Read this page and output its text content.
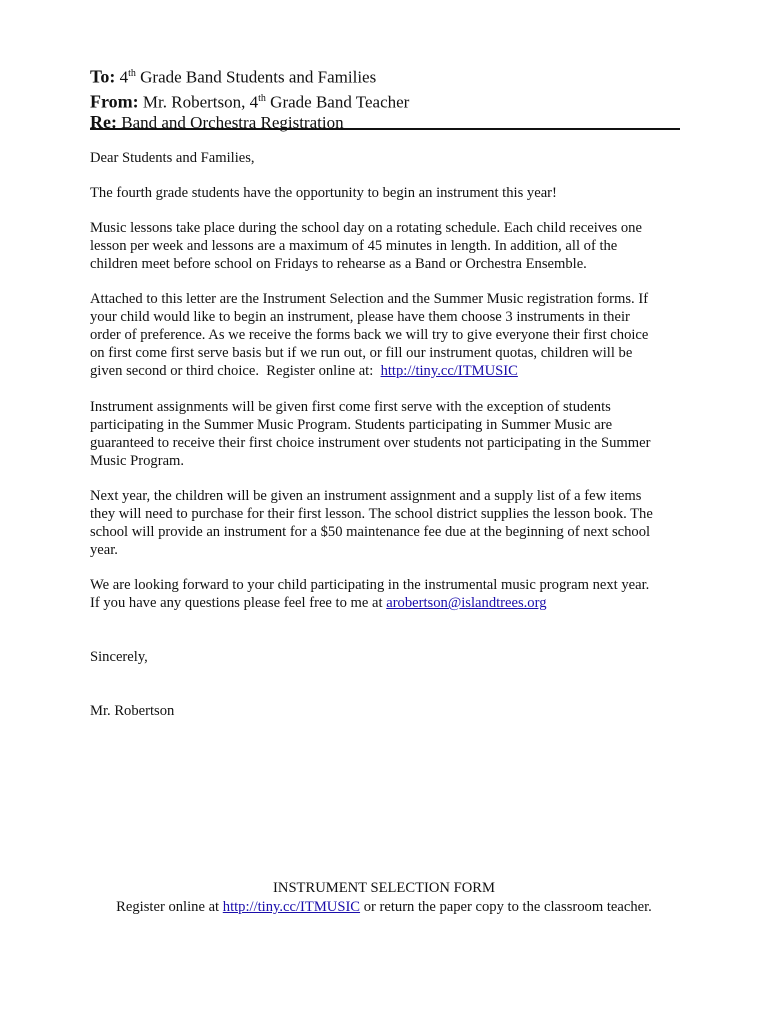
To: 4th Grade Band Students and Families
From: Mr. Robertson, 4th Grade Band Teacher
Re: Band and Orchestra Registration
Dear Students and Families,

The fourth grade students have the opportunity to begin an instrument this year!

Music lessons take place during the school day on a rotating schedule. Each child receives one

lesson per week and lessons are a maximum of 45 minutes in length. In addition, all of the

children meet before school on Fridays to rehearse as a Band or Orchestra Ensemble.

Attached to this letter are the Instrument Selection and the Summer Music registration forms. If

your child would like to begin an instrument, please have them choose 3 instruments in their

order of preference. As we receive the forms back we will try to give everyone their first choice

on first come first serve basis but if we run out, or fill our instrument quotas, children will be

given second or third choice.  Register online at:  http://tiny.cc/ITMUSIC

Instrument assignments will be given first come first serve with the exception of students

participating in the Summer Music Program. Students participating in Summer Music are

guaranteed to receive their first choice instrument over students not participating in the Summer

Music Program.

Next year, the children will be given an instrument assignment and a supply list of a few items

they will need to purchase for their first lesson. The school district supplies the lesson book. The

school will provide an instrument for a $50 maintenance fee due at the beginning of next school

year.

We are looking forward to your child participating in the instrumental music program next year.

If you have any questions please feel free to me at arobertson@islandtrees.org

Sincerely,
Mr. Robertson
INSTRUMENT SELECTION FORM
Register online at http://tiny.cc/ITMUSIC or return the paper copy to the classroom teacher.
